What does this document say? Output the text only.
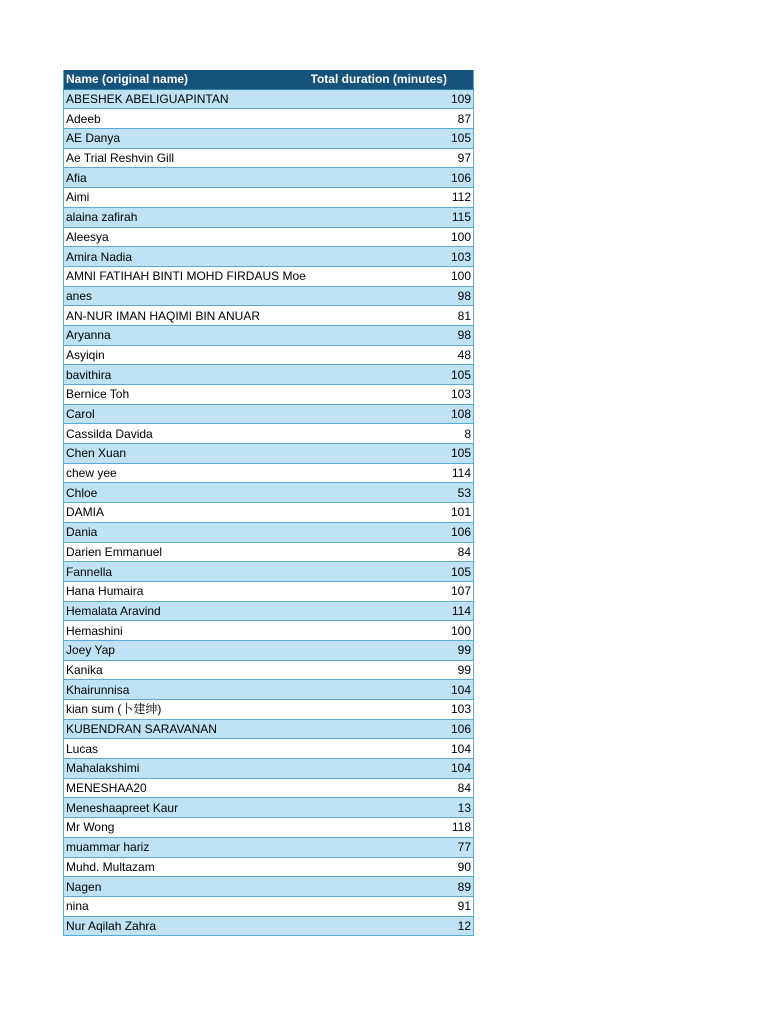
Name (original name)	Total duration (minutes)
ABESHEK ABELIGUAPINTAN	109
Adeeb	87
AE Danya	105
Ae Trial Reshvin Gill	97
Afia	106
Aimi	112
alaina zafirah	115
Aleesya	100
Amira Nadia	103
AMNI FATIHAH BINTI MOHD FIRDAUS Moe	100
anes	98
AN-NUR IMAN HAQIMI BIN ANUAR	81
Aryanna	98
Asyiqin	48
bavithira	105
Bernice Toh	103
Carol	108
Cassilda Davida	8
Chen Xuan	105
chew yee	114
Chloe	53
DAMIA	101
Dania	106
Darien Emmanuel	84
Fannella	105
Hana Humaira	107
Hemalata Aravind	114
Hemashini	100
Joey Yap	99
Kanika	99
Khairunnisa	104
kian sum (卜建绅)	103
KUBENDRAN SARAVANAN	106
Lucas	104
Mahalakshimi	104
MENESHAA20	84
Meneshaapreet Kaur	13
Mr Wong	118
muammar hariz	77
Muhd. Multazam	90
Nagen	89
nina	91
Nur Aqilah Zahra	12
